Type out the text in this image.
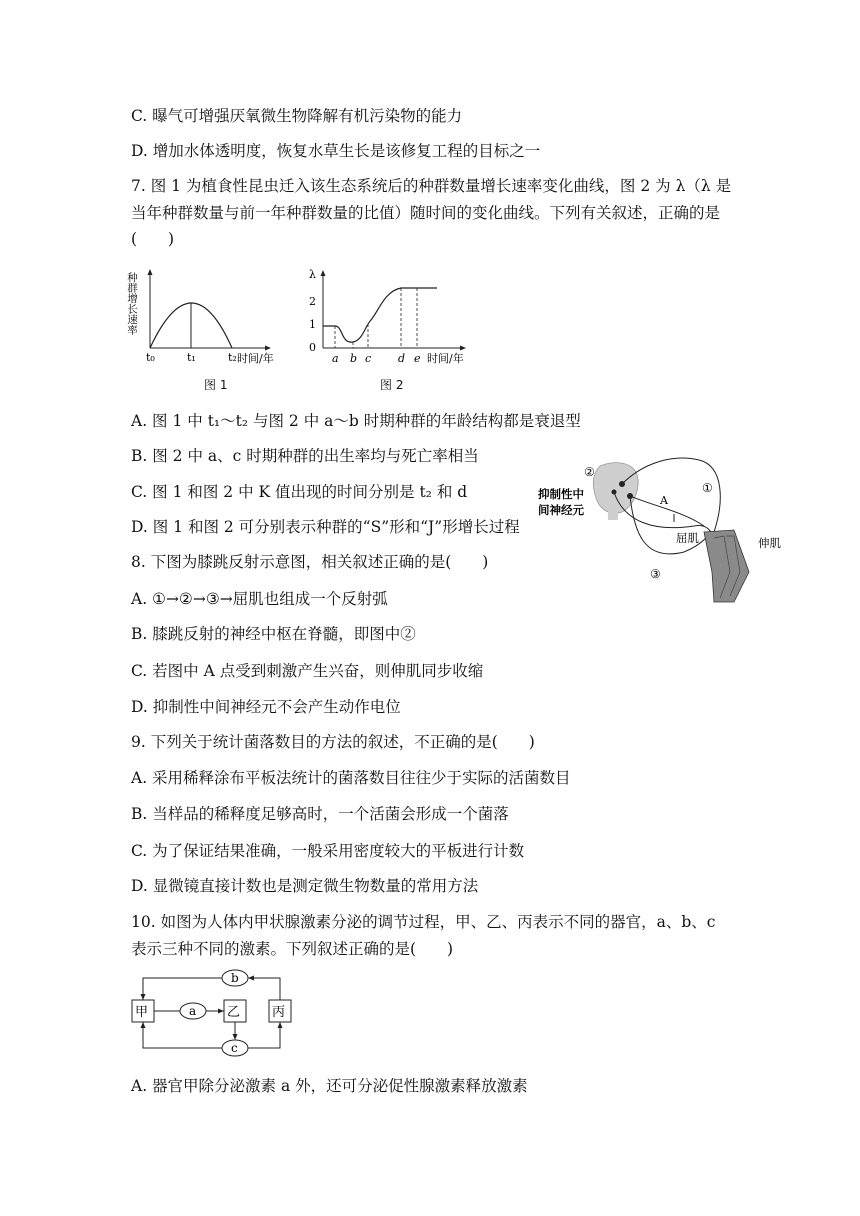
C. 曝气可增强厌氧微生物降解有机污染物的能力
D. 增加水体透明度，恢复水草生长是该修复工程的目标之一
7. 图 1 为植食性昆虫迁入该生态系统后的种群数量增长速率变化曲线，图 2 为 λ（λ 是
当年种群数量与前一年种群数量的比值）随时间的变化曲线。下列有关叙述，正确的是
(　　)
种群增长速率
t₀	t₁	t₂ 时间/年
图 1
λ
2
1
0
a b c d e 时间/年
图 2
A. 图 1 中 t₁～t₂ 与图 2 中 a～b 时期种群的年龄结构都是衰退型
B. 图 2 中 a、c 时期种群的出生率均与死亡率相当
C. 图 1 和图 2 中 K 值出现的时间分别是 t₂ 和 d
D. 图 1 和图 2 可分别表示种群的“S”形和“J”形增长过程
8. 下图为膝跳反射示意图，相关叙述正确的是(　　)
A. ①→②→③→屈肌也组成一个反射弧
B. 膝跳反射的神经中枢在脊髓，即图中②
C. 若图中 A 点受到刺激产生兴奋，则伸肌同步收缩
D. 抑制性中间神经元不会产生动作电位
②
①
③
A
屈肌	伸肌
抑制性中
间神经元
9. 下列关于统计菌落数目的方法的叙述，不正确的是(　　)
A. 采用稀释涂布平板法统计的菌落数目往往少于实际的活菌数目
B. 当样品的稀释度足够高时，一个活菌会形成一个菌落
C. 为了保证结果准确，一般采用密度较大的平板进行计数
D. 显微镜直接计数也是测定微生物数量的常用方法
10. 如图为人体内甲状腺激素分泌的调节过程，甲、乙、丙表示不同的器官，a、b、c
表示三种不同的激素。下列叙述正确的是(　　)
甲	乙 丙
a
b
c
A. 器官甲除分泌激素 a 外，还可分泌促性腺激素释放激素
